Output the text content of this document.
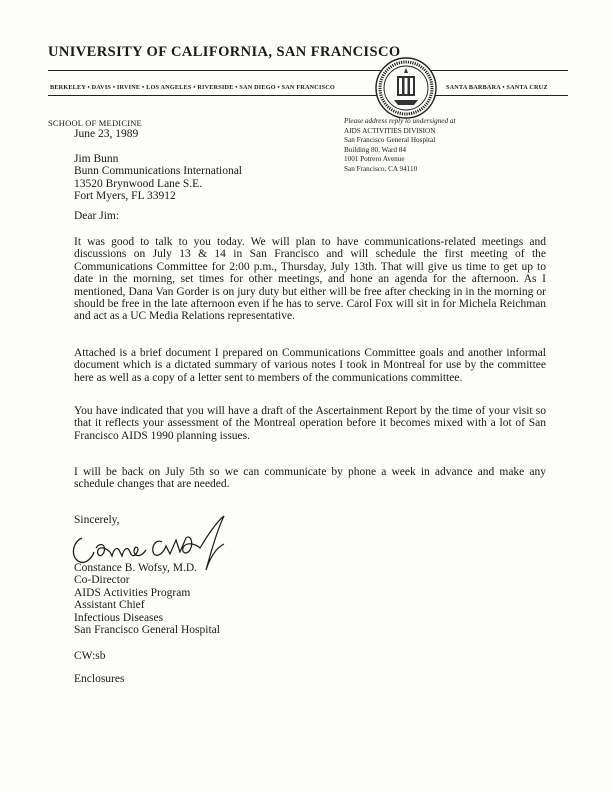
UNIVERSITY OF CALIFORNIA, SAN FRANCISCO
BERKELEY • DAVIS • IRVINE • LOS ANGELES • RIVERSIDE • SAN DIEGO • SAN FRANCISCO	SANTA BARBARA • SANTA CRUZ
SCHOOL OF MEDICINE	Please address reply to undersigned at
AIDS ACTIVITIES DIVISION
San Francisco General Hospital
Building 80, Ward 84
1001 Potrero Avenue
San Francisco, CA 94110
June 23, 1989
Jim Bunn
Bunn Communications International
13520 Brynwood Lane S.E.
Fort Myers, FL 33912
Dear Jim:
It was good to talk to you today. We will plan to have communications-related meetings and discussions on July 13 & 14 in San Francisco and will schedule the first meeting of the Communications Committee for 2:00 p.m., Thursday, July 13th. That will give us time to get up to date in the morning, set times for other meetings, and hone an agenda for the afternoon. As I mentioned, Dana Van Gorder is on jury duty but either will be free after checking in in the morning or should be free in the late afternoon even if he has to serve. Carol Fox will sit in for Michela Reichman and act as a UC Media Relations representative.
Attached is a brief document I prepared on Communications Committee goals and another informal document which is a dictated summary of various notes I took in Montreal for use by the committee here as well as a copy of a letter sent to members of the communications committee.
You have indicated that you will have a draft of the Ascertainment Report by the time of your visit so that it reflects your assessment of the Montreal operation before it becomes mixed with a lot of San Francisco AIDS 1990 planning issues.
I will be back on July 5th so we can communicate by phone a week in advance and make any schedule changes that are needed.
Sincerely,
Constance B. Wofsy, M.D.
Co-Director
AIDS Activities Program
Assistant Chief
Infectious Diseases
San Francisco General Hospital
CW:sb
Enclosures
